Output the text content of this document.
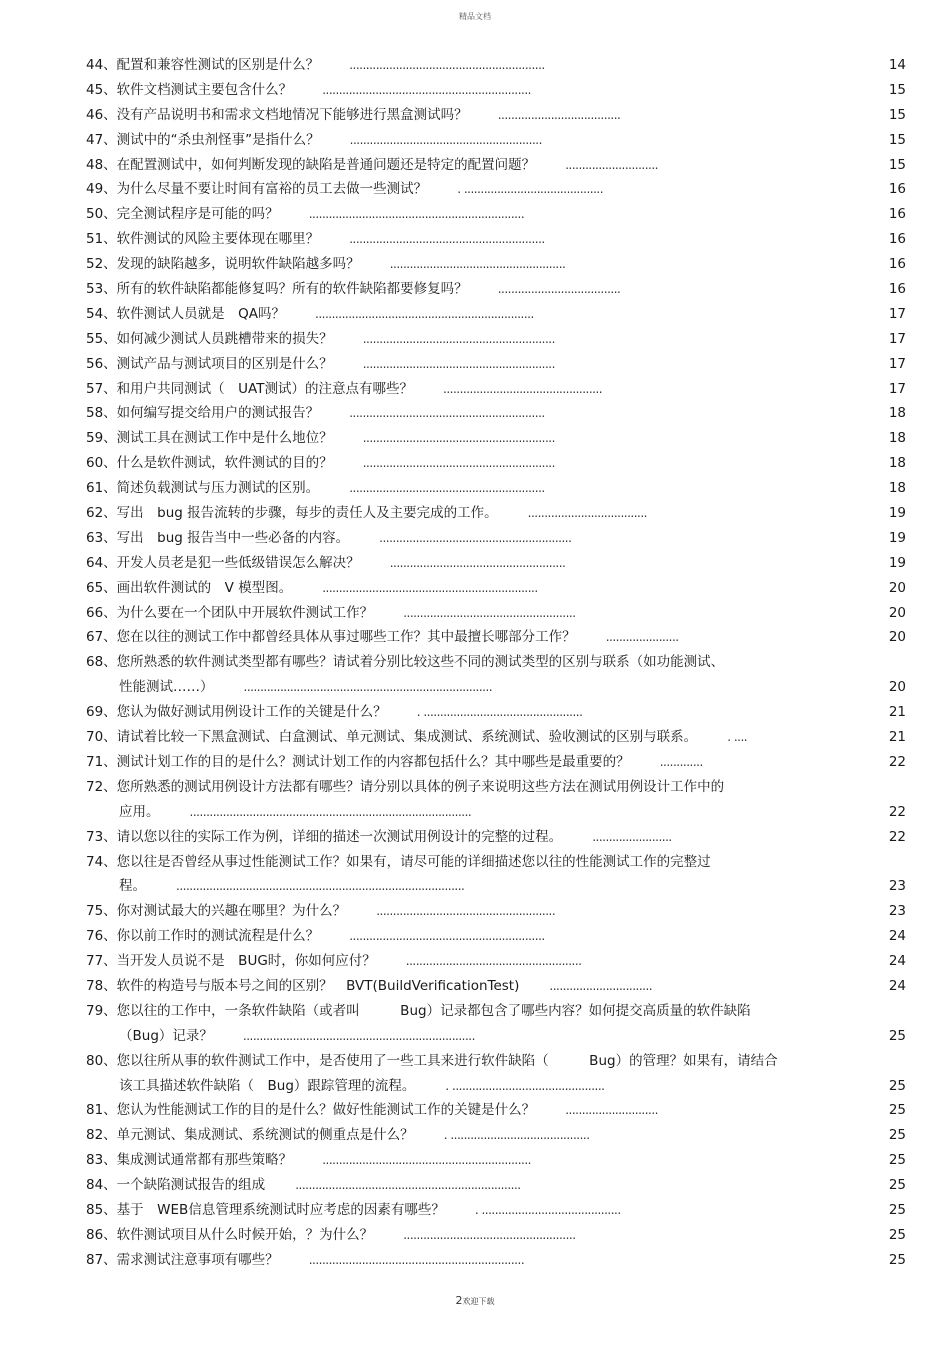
精品文档
44、配置和兼容性测试的区别是什么？	...........................................................	14
45、软件文档测试主要包含什么？	...............................................................	15
46、没有产品说明书和需求文档地情况下能够进行黑盒测试吗？	.....................................	15
47、测试中的“杀虫剂怪事”是指什么？	..........................................................	15
48、在配置测试中，如何判断发现的缺陷是普通问题还是特定的配置问题？	............................	15
49、为什么尽量不要让时间有富裕的员工去做一些测试？	. ..........................................	16
50、完全测试程序是可能的吗？	.................................................................	16
51、软件测试的风险主要体现在哪里？	...........................................................	16
52、发现的缺陷越多，说明软件缺陷越多吗？	.....................................................	16
53、所有的软件缺陷都能修复吗？所有的软件缺陷都要修复吗？	.....................................	16
54、软件测试人员就是　QA吗？	..................................................................	17
55、如何减少测试人员跳槽带来的损失？	..........................................................	17
56、测试产品与测试项目的区别是什么？	..........................................................	17
57、和用户共同测试（　UAT测试）的注意点有哪些？	................................................	17
58、如何编写提交给用户的测试报告？	...........................................................	18
59、测试工具在测试工作中是什么地位？	..........................................................	18
60、什么是软件测试，软件测试的目的？	..........................................................	18
61、简述负载测试与压力测试的区别。	...........................................................	18
62、写出　bug 报告流转的步骤，每步的责任人及主要完成的工作。	....................................	19
63、写出　bug 报告当中一些必备的内容。	..........................................................	19
64、开发人员老是犯一些低级错误怎么解决？	.....................................................	19
65、画出软件测试的　V 模型图。	.................................................................	20
66、为什么要在一个团队中开展软件测试工作？	....................................................	20
67、您在以往的测试工作中都曾经具体从事过哪些工作？其中最擅长哪部分工作？	......................	20
68、您所熟悉的软件测试类型都有哪些？请试着分别比较这些不同的测试类型的区别与联系（如功能测试、
性能测试……）	...........................................................................	20
69、您认为做好测试用例设计工作的关键是什么？	. ................................................	21
70、请试着比较一下黑盒测试、白盒测试、单元测试、集成测试、系统测试、验收测试的区别与联系。	. ....	21
71、测试计划工作的目的是什么？测试计划工作的内容都包括什么？其中哪些是最重要的？	.............	22
72、您所熟悉的测试用例设计方法都有哪些？请分别以具体的例子来说明这些方法在测试用例设计工作中的
应用。	.....................................................................................	22
73、请以您以往的实际工作为例，详细的描述一次测试用例设计的完整的过程。	........................	22
74、您以往是否曾经从事过性能测试工作？如果有，请尽可能的详细描述您以往的性能测试工作的完整过
程。	.......................................................................................	23
75、你对测试最大的兴趣在哪里？为什么？	......................................................	23
76、你以前工作时的测试流程是什么？	...........................................................	24
77、当开发人员说不是　BUG时，你如何应付？	.....................................................	24
78、软件的构造号与版本号之间的区别？　BVT(BuildVerificationTest)	...............................	24
79、您以往的工作中，一条软件缺陷（或者叫　　　Bug）记录都包含了哪些内容？如何提交高质量的软件缺陷
（Bug）记录？	......................................................................	25
80、您以往所从事的软件测试工作中，是否使用了一些工具来进行软件缺陷（　　　Bug）的管理？如果有，请结合
该工具描述软件缺陷（　Bug）跟踪管理的流程。	. ..............................................	25
81、您认为性能测试工作的目的是什么？做好性能测试工作的关键是什么？	............................	25
82、单元测试、集成测试、系统测试的侧重点是什么？	. ..........................................	25
83、集成测试通常都有那些策略？	...............................................................	25
84、一个缺陷测试报告的组成	....................................................................	25
85、基于　WEB信息管理系统测试时应考虑的因素有哪些？	. ..........................................	25
86、软件测试项目从什么时候开始，？为什么？	....................................................	25
87、需求测试注意事项有哪些？	.................................................................	25
2欢迎下载
